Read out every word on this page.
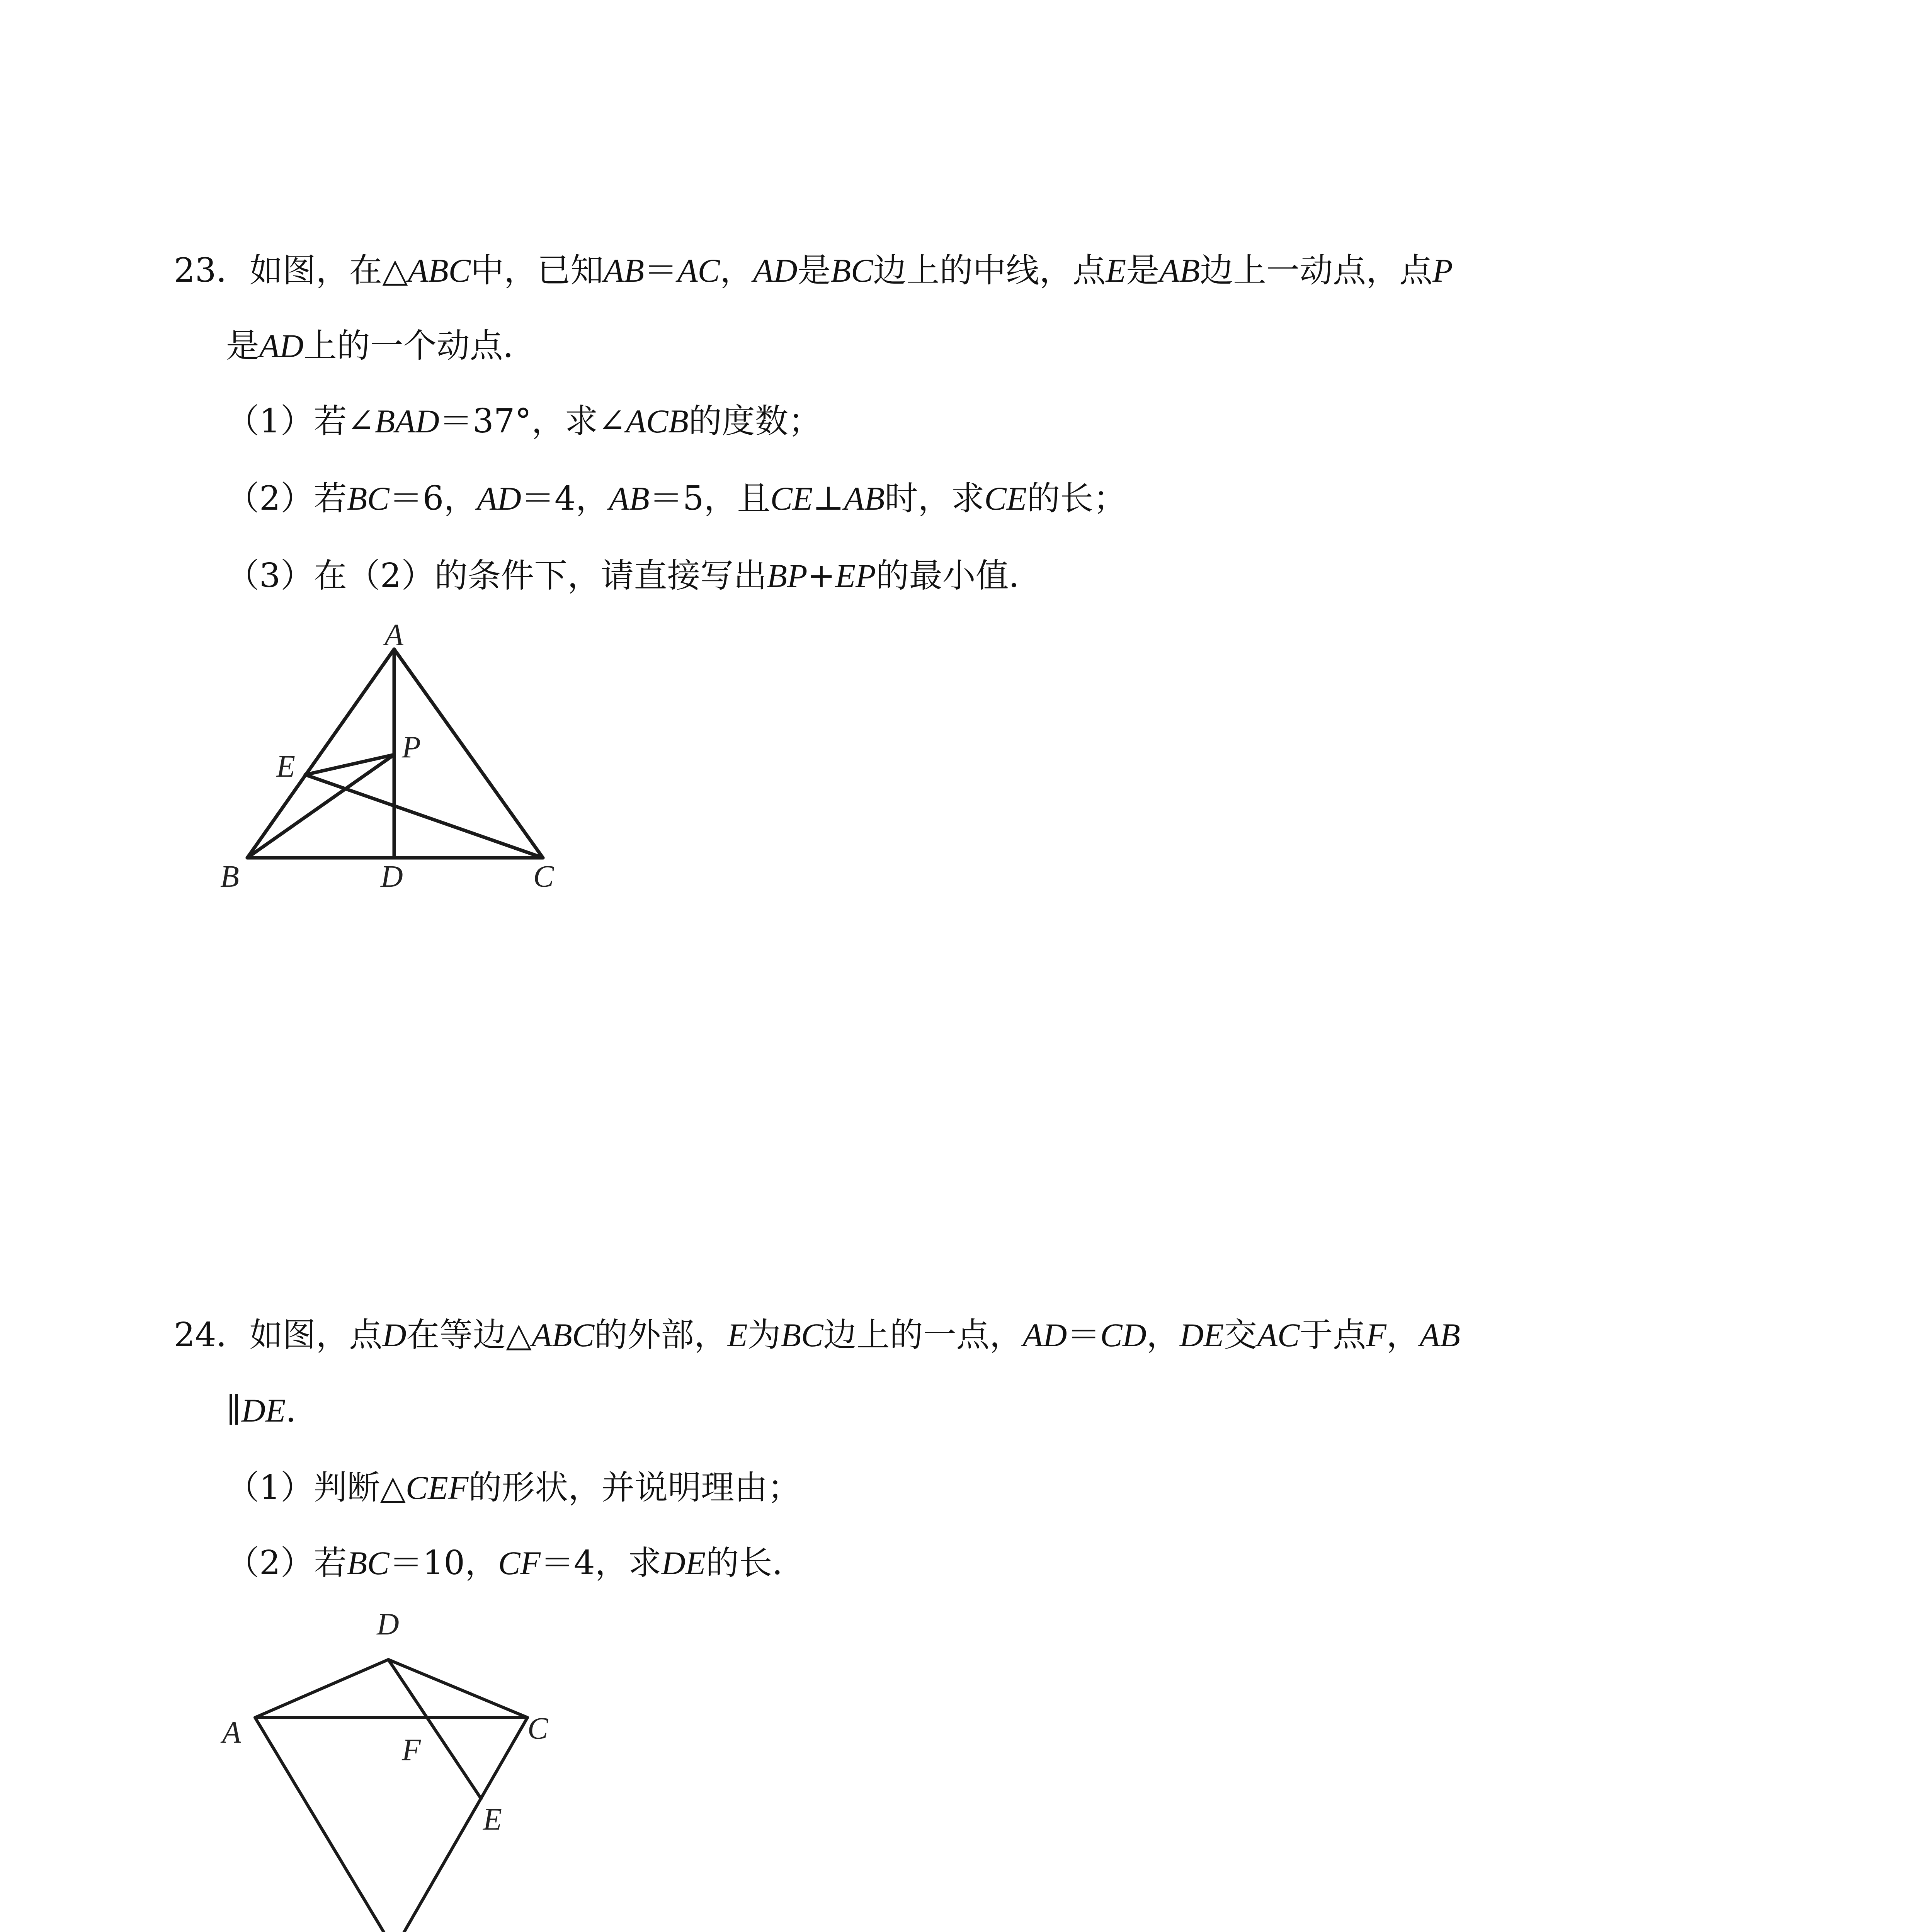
23．如图，在△ABC中，已知AB＝AC，AD是BC边上的中线，点E是AB边上一动点，点P
是AD上的一个动点．
（1）若∠BAD＝37°，求∠ACB的度数；
（2）若BC＝6，AD＝4，AB＝5，且CE⊥AB时，求CE的长；
（3）在（2）的条件下，请直接写出BP+EP的最小值．
A
E
P
B	D	C
24．如图，点D在等边△ABC的外部，E为BC边上的一点，AD＝CD，DE交AC于点F，AB
∥DE．
（1）判断△CEF的形状，并说明理由；
（2）若BC＝10，CF＝4，求DE的长．
D
A	C
F
E
